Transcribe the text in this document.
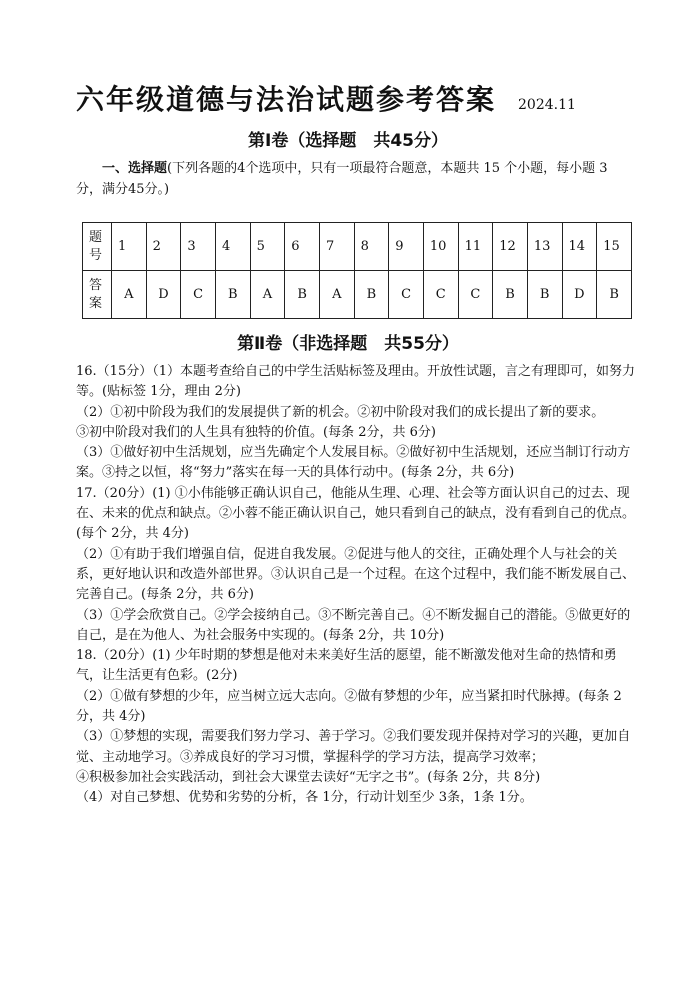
六年级道德与法治试题参考答案 2024.11
第Ⅰ卷（选择题　共45分）
一、选择题(下列各题的4个选项中，只有一项最符合题意，本题共 15 个小题，每小题 3 分，满分45分。)
题
号	1	2	3	4	5	6	7	8	9	10	11	12	13	14	15
答
案	A	D	C	B	A	B	A	B	C	C	C	B	B	D	B
第Ⅱ卷（非选择题　共55分）

16.（15分）（1）本题考查给自己的中学生活贴标签及理由。开放性试题，言之有理即可，如努力等。(贴标签 1分，理由 2分)

（2）①初中阶段为我们的发展提供了新的机会。②初中阶段对我们的成长提出了新的要求。

③初中阶段对我们的人生具有独特的价值。(每条 2分，共 6分)

（3）①做好初中生活规划，应当先确定个人发展目标。②做好初中生活规划，还应当制订行动方案。③持之以恒，将“努力”落实在每一天的具体行动中。(每条 2分，共 6分)

17.（20分）(1) ①小伟能够正确认识自己，他能从生理、心理、社会等方面认识自己的过去、现在、未来的优点和缺点。②小蓉不能正确认识自己，她只看到自己的缺点，没有看到自己的优点。(每个 2分，共 4分)

（2）①有助于我们增强自信，促进自我发展。②促进与他人的交往，正确处理个人与社会的关系，更好地认识和改造外部世界。③认识自己是一个过程。在这个过程中，我们能不断发展自己、完善自己。(每条 2分，共 6分)

（3）①学会欣赏自己。②学会接纳自己。③不断完善自己。④不断发掘自己的潜能。⑤做更好的自己，是在为他人、为社会服务中实现的。(每条 2分，共 10分)

18.（20分）(1) 少年时期的梦想是他对未来美好生活的愿望，能不断激发他对生命的热情和勇气，让生活更有色彩。(2分)

（2）①做有梦想的少年，应当树立远大志向。②做有梦想的少年，应当紧扣时代脉搏。(每条 2分，共 4分)

（3）①梦想的实现，需要我们努力学习、善于学习。②我们要发现并保持对学习的兴趣，更加自觉、主动地学习。③养成良好的学习习惯，掌握科学的学习方法，提高学习效率；

④积极参加社会实践活动，到社会大课堂去读好“无字之书”。(每条 2分，共 8分)

（4）对自己梦想、优势和劣势的分析，各 1分，行动计划至少 3条，1条 1分。
